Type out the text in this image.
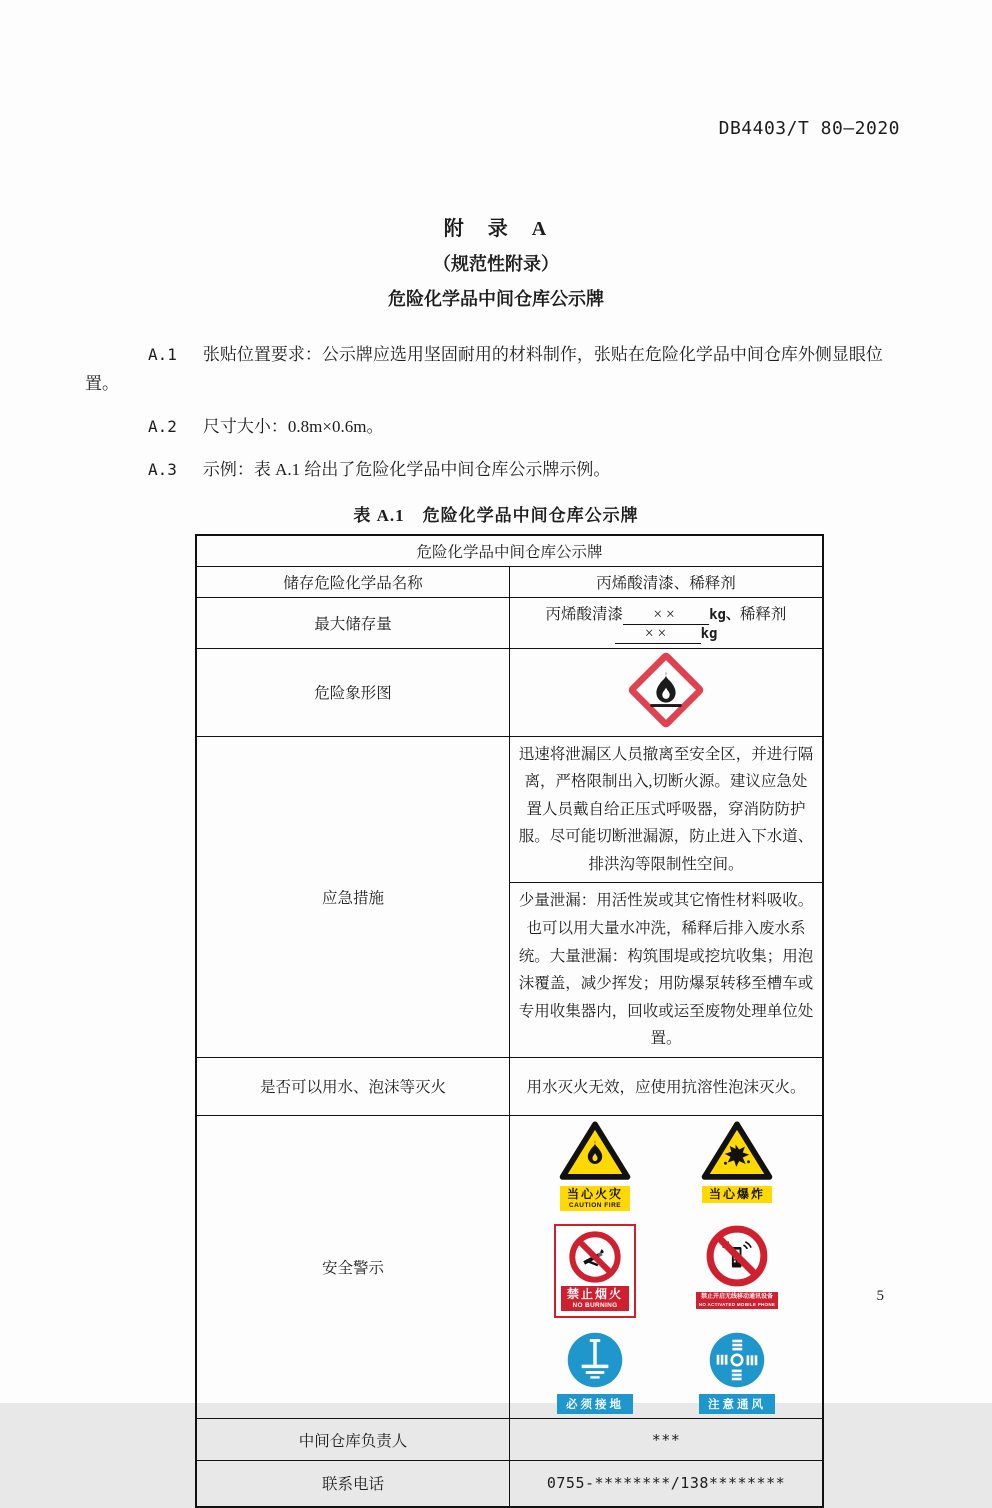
DB4403/T 80—2020
附　录　A
（规范性附录）
危险化学品中间仓库公示牌
A.1 张贴位置要求：公示牌应选用坚固耐用的材料制作，张贴在危险化学品中间仓库外侧显眼位置。
A.2 尺寸大小：0.8m×0.6m。
A.3 示例：表 A.1 给出了危险化学品中间仓库公示牌示例。
表 A.1　危险化学品中间仓库公示牌
危险化学品中间仓库公示牌	
储存危险化学品名称	丙烯酸清漆、稀释剂
最大储存量	丙烯酸清漆 ×× kg、稀释剂×× kg
危险象形图	
应急措施	迅速将泄漏区人员撤离至安全区，并进行隔离，严格限制出入,切断火源。建议应急处置人员戴自给正压式呼吸器，穿消防防护服。尽可能切断泄漏源，防止进入下水道、排洪沟等限制性空间。
	少量泄漏：用活性炭或其它惰性材料吸收。也可以用大量水冲洗，稀释后排入废水系统。大量泄漏：构筑围堤或挖坑收集；用泡沫覆盖，减少挥发；用防爆泵转移至槽车或专用收集器内，回收或运至废物处理单位处置。
是否可以用水、泡沫等灭火	用水灭火无效，应使用抗溶性泡沫灭火。
安全警示	
当心火灾
CAUTION FIRE
当心爆炸
禁止烟火
NO BURNING
禁止开启无线移动通讯设备
NO ACTIVATED MOBILE PHONE
必须接地	注意通风

中间仓库负责人	***
联系电话	0755-********/138********
5
